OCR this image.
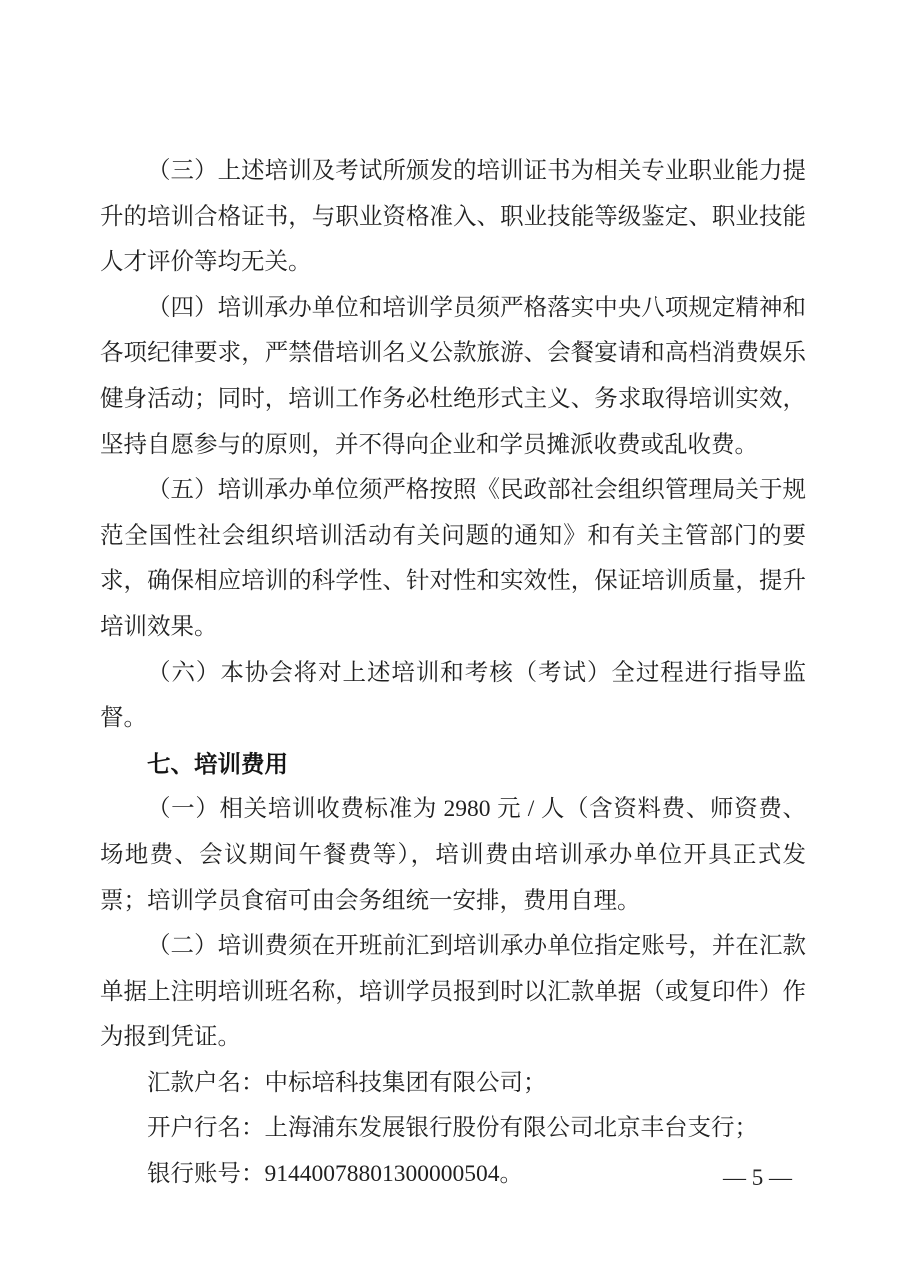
（三）上述培训及考试所颁发的培训证书为相关专业职业能力提升的培训合格证书，与职业资格准入、职业技能等级鉴定、职业技能人才评价等均无关。

（四）培训承办单位和培训学员须严格落实中央八项规定精神和各项纪律要求，严禁借培训名义公款旅游、会餐宴请和高档消费娱乐健身活动；同时，培训工作务必杜绝形式主义、务求取得培训实效，坚持自愿参与的原则，并不得向企业和学员摊派收费或乱收费。

（五）培训承办单位须严格按照《民政部社会组织管理局关于规范全国性社会组织培训活动有关问题的通知》和有关主管部门的要求，确保相应培训的科学性、针对性和实效性，保证培训质量，提升培训效果。

（六）本协会将对上述培训和考核（考试）全过程进行指导监督。

七、培训费用

（一）相关培训收费标准为 2980 元 / 人（含资料费、师资费、场地费、会议期间午餐费等），培训费由培训承办单位开具正式发票；培训学员食宿可由会务组统一安排，费用自理。

（二）培训费须在开班前汇到培训承办单位指定账号，并在汇款单据上注明培训班名称，培训学员报到时以汇款单据（或复印件）作为报到凭证。

汇款户名：中标培科技集团有限公司；

开户行名：上海浦东发展银行股份有限公司北京丰台支行；

银行账号：91440078801300000504。	— 5 —
